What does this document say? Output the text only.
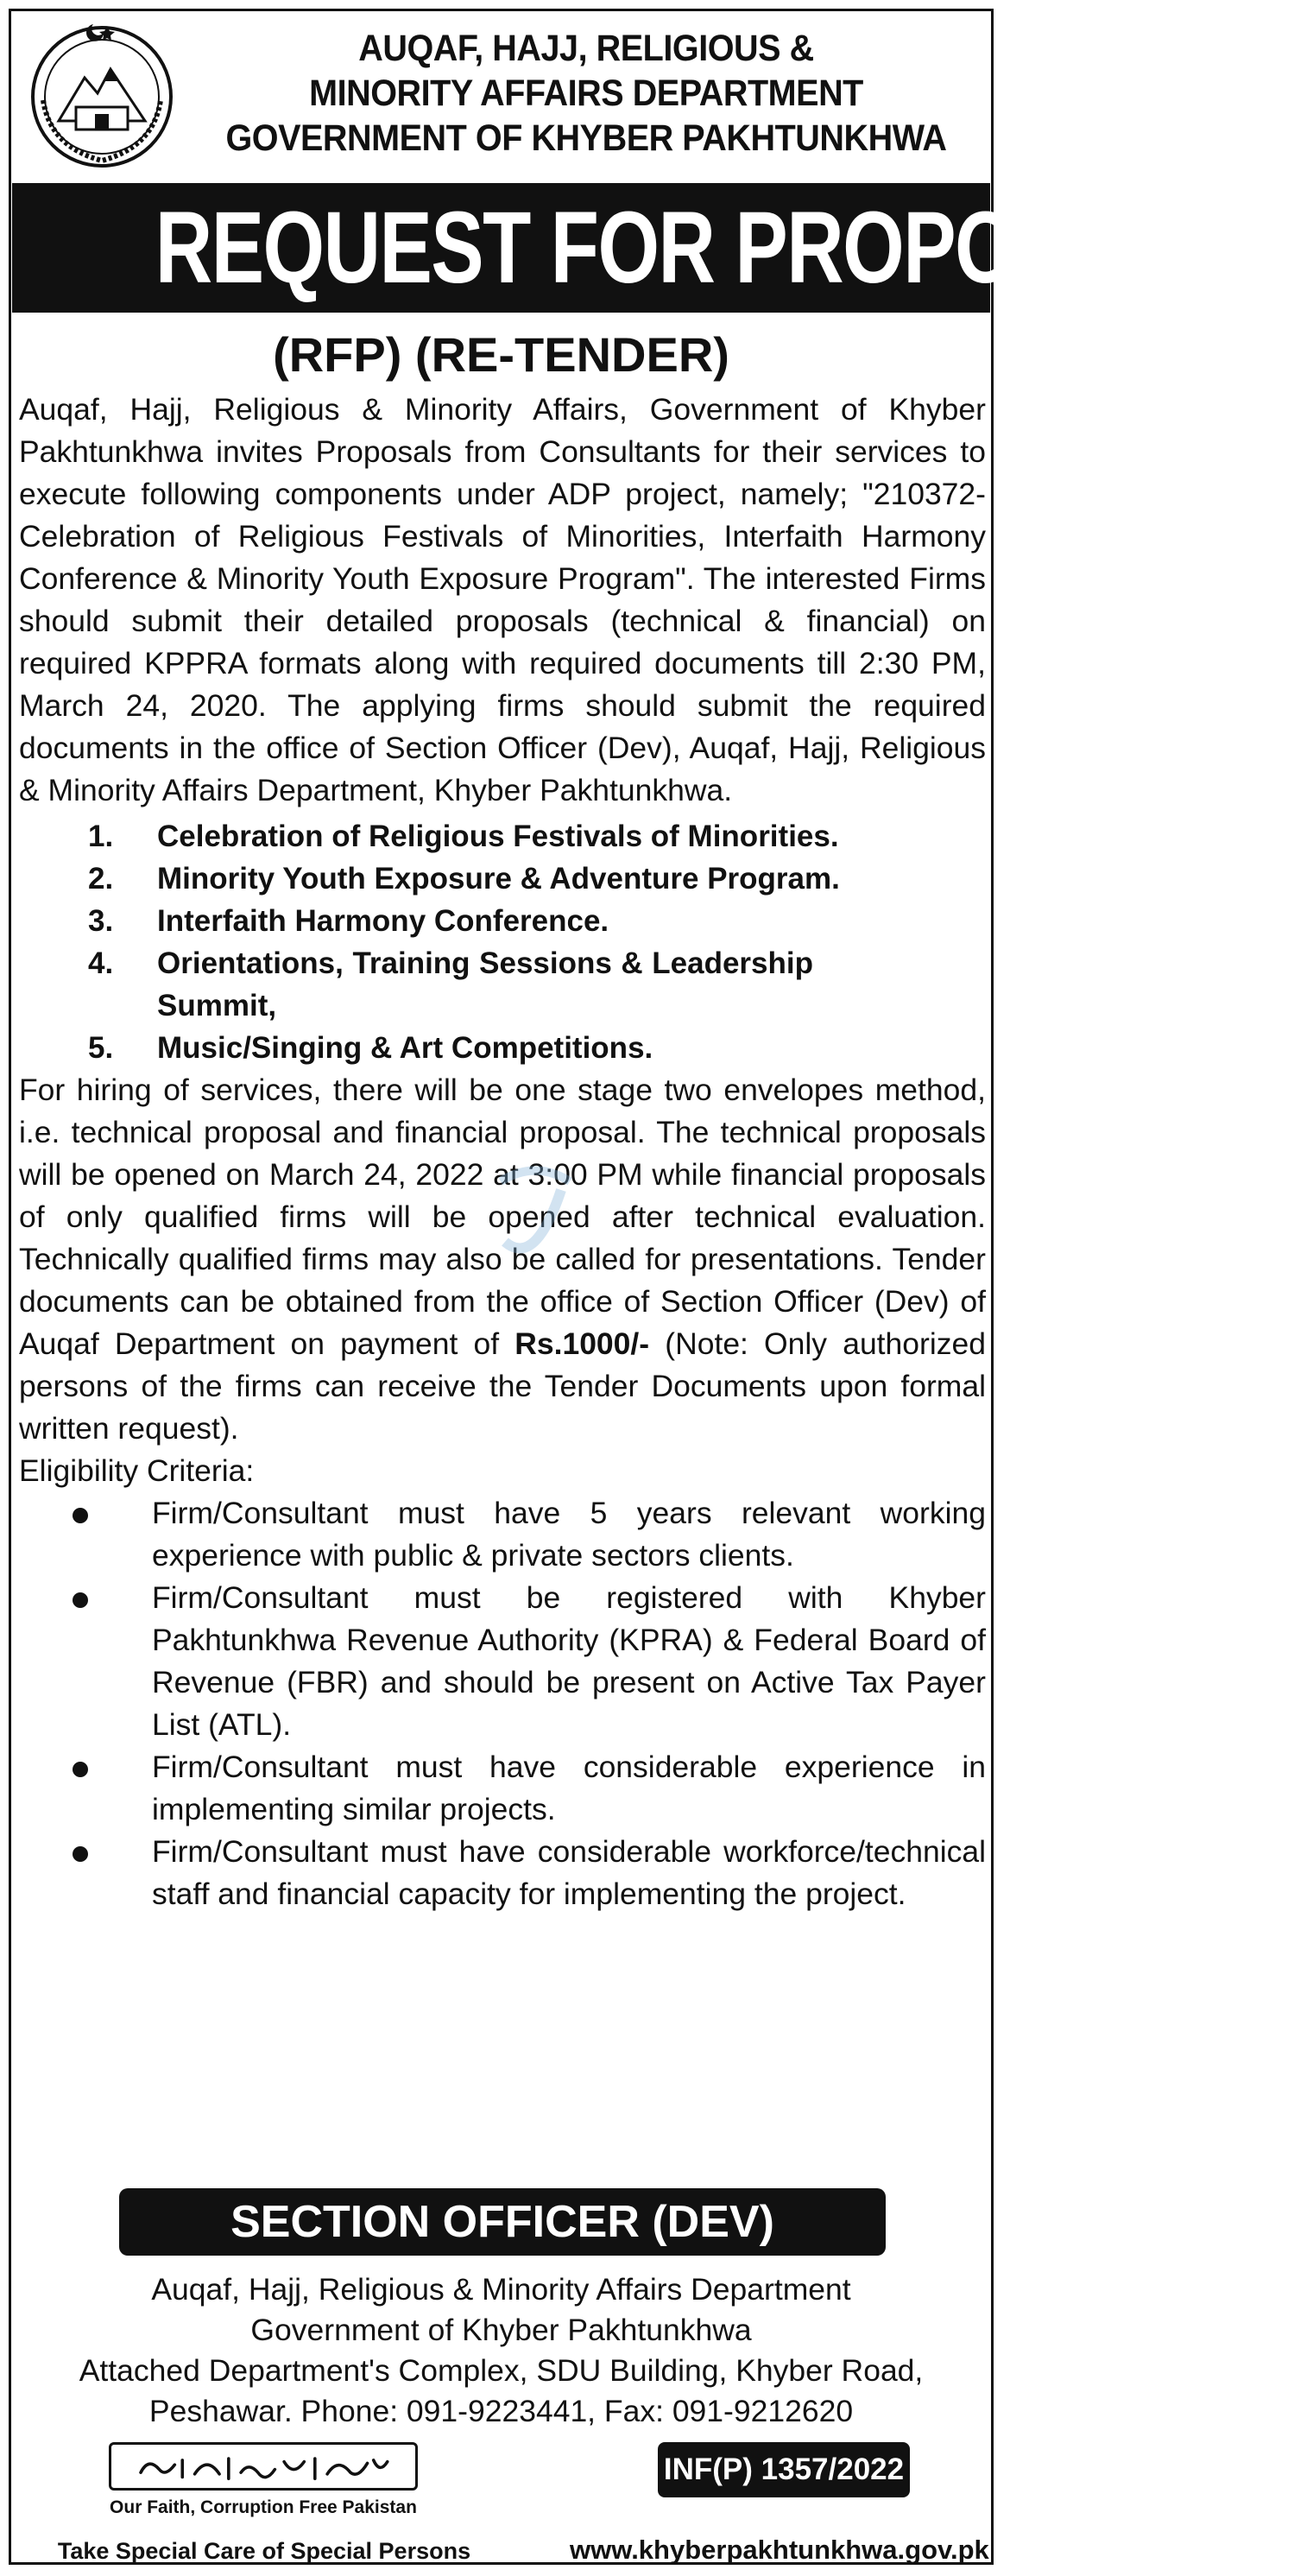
AUQAF, HAJJ, RELIGIOUS &
MINORITY AFFAIRS DEPARTMENT
GOVERNMENT OF KHYBER PAKHTUNKHWA
REQUEST FOR PROPOSAL
(RFP) (RE-TENDER)

Auqaf, Hajj, Religious & Minority Affairs, Government of Khyber Pakhtunkhwa invites Proposals from Consultants for their services to execute following components under ADP project, namely; "210372-Celebration of Religious Festivals of Minorities, Interfaith Harmony Conference & Minority Youth Exposure Program". The interested Firms should submit their detailed proposals (technical & financial) on required KPPRA formats along with required documents till 2:30 PM, March 24, 2020. The applying firms should submit the required documents in the office of Section Officer (Dev), Auqaf, Hajj, Religious & Minority Affairs Department, Khyber Pakhtunkhwa.

1.	Celebration of Religious Festivals of Minorities.
2.	Minority Youth Exposure & Adventure Program.
3.	Interfaith Harmony Conference.
4.	Orientations, Training Sessions & Leadership Summit,
5.	Music/Singing & Art Competitions.

For hiring of services, there will be one stage two envelopes method, i.e. technical proposal and financial proposal. The technical proposals will be opened on March 24, 2022 at 3:00 PM while financial proposals of only qualified firms will be opened after technical evaluation. Technically qualified firms may also be called for presentations. Tender documents can be obtained from the office of Section Officer (Dev) of Auqaf Department on payment of Rs.1000/- (Note: Only authorized persons of the firms can receive the Tender Documents upon formal written request).

Eligibility Criteria:

Firm/Consultant must have 5 years relevant working experience with public & private sectors clients.
Firm/Consultant must be registered with Khyber Pakhtunkhwa Revenue Authority (KPRA) & Federal Board of Revenue (FBR) and should be present on Active Tax Payer List (ATL).
Firm/Consultant must have considerable experience in implementing similar projects.
Firm/Consultant must have considerable workforce/technical staff and financial capacity for implementing the project.
SECTION OFFICER (DEV)
Auqaf, Hajj, Religious & Minority Affairs Department
Government of Khyber Pakhtunkhwa
Attached Department's Complex, SDU Building, Khyber Road,
Peshawar. Phone: 091-9223441, Fax: 091-9212620
Our Faith, Corruption Free Pakistan
Take Special Care of Special Persons
INF(P) 1357/2022
www.khyberpakhtunkhwa.gov.pk
